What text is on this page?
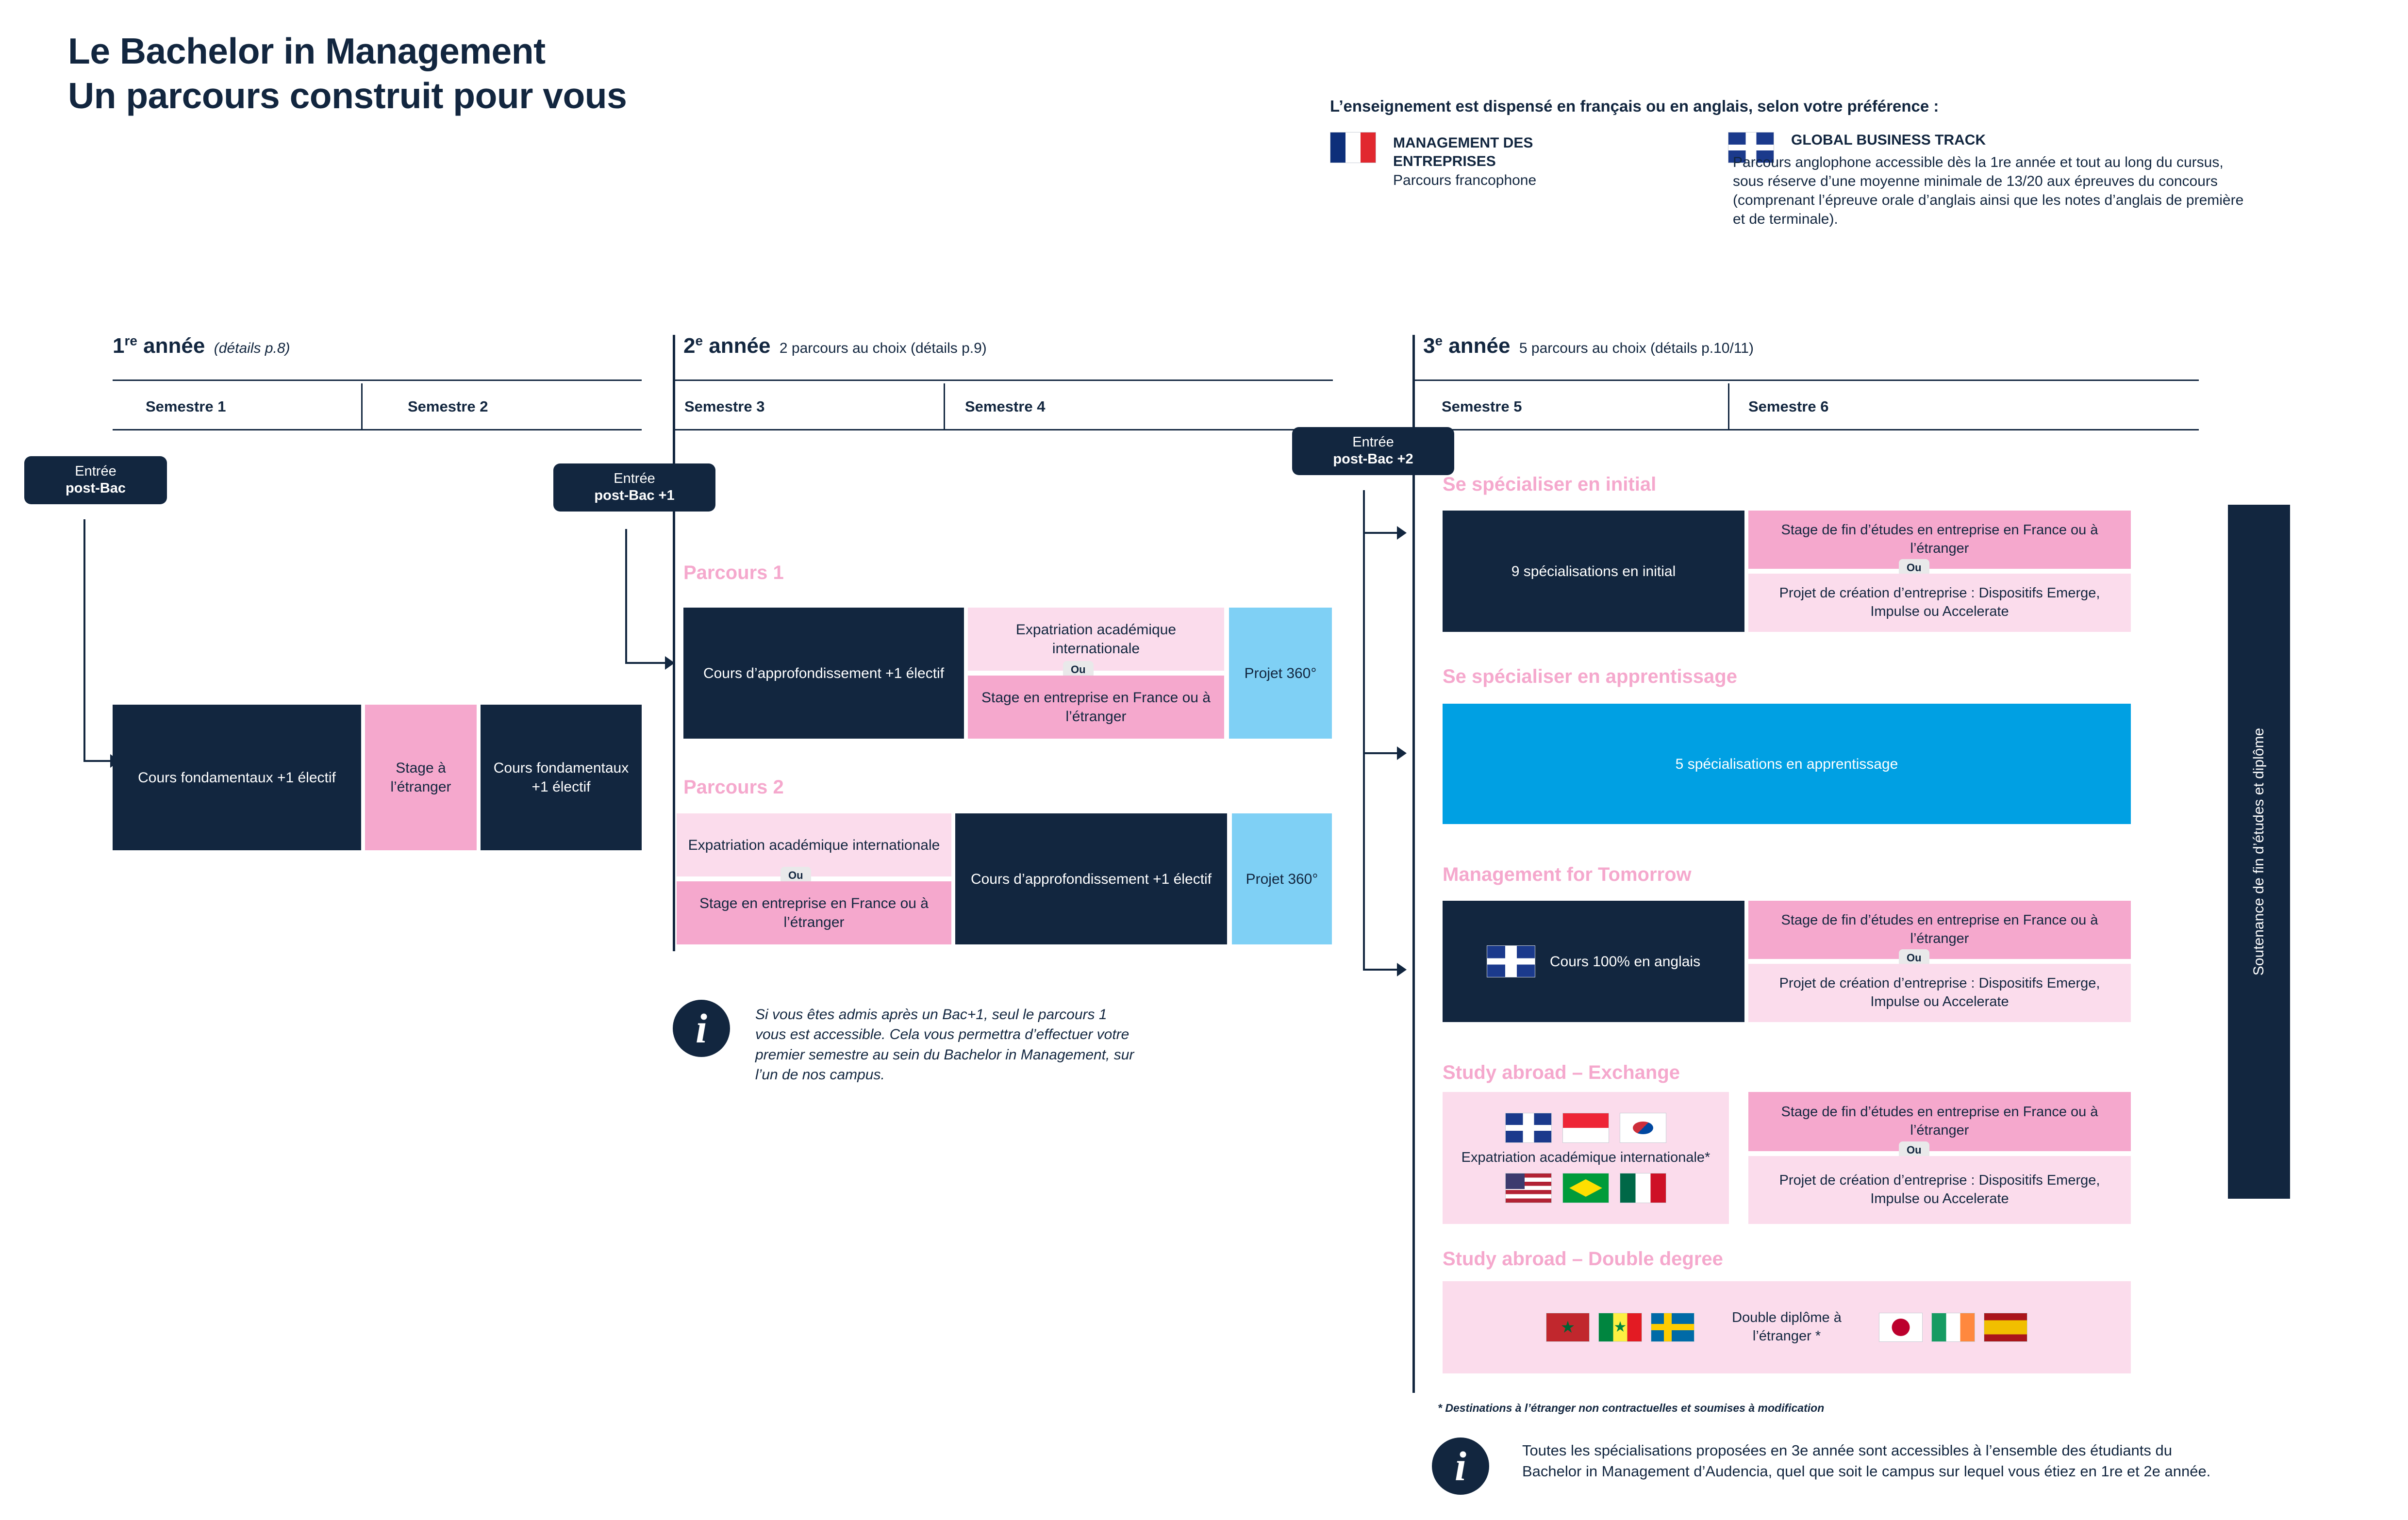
Le Bachelor in Management
Un parcours construit pour vous	L’enseignement est dispensé en français ou en anglais, selon votre préférence :
MANAGEMENT DES ENTREPRISES
Parcours francophone
GLOBAL BUSINESS TRACK
Parcours anglophone accessible dès la 1re année et tout au long du cursus, sous réserve d’une moyenne minimale de 13/20 aux épreuves du concours (comprenant l’épreuve orale d’anglais ainsi que les notes d’anglais de première et de terminale).
1re année (détails p.8)
Semestre 1	Semestre 2
2e année 2 parcours au choix (détails p.9)
Semestre 3	Semestre 4
3e année 5 parcours au choix (détails p.10/11)
Semestre 5	Semestre 6
Entrée
post-Bac
Entrée
post-Bac +1
Entrée
post-Bac +2
Cours fondamentaux +1 électif
Stage à l’étranger
Cours fondamentaux +1 électif
Parcours 1
Cours d’approfondissement +1 électif
Expatriation académique internationale
Ou
Stage en entreprise en France ou à l’étranger
Projet 360°
Parcours 2
Expatriation académique internationale
Ou
Stage en entreprise en France ou à l’étranger
Cours d’approfondissement +1 électif	Projet 360°
i	Si vous êtes admis après un Bac+1, seul le parcours 1 vous est accessible. Cela vous permettra d’effectuer votre premier semestre au sein du Bachelor in Management, sur l’un de nos campus.
Se spécialiser en initial
9 spécialisations en initial
Stage de fin d’études en entreprise en France ou à l’étranger
Ou
Projet de création d’entreprise : Dispositifs Emerge, Impulse ou Accelerate
Se spécialiser en apprentissage
5 spécialisations en apprentissage
Management for Tomorrow
Cours 100% en anglais
Stage de fin d’études en entreprise en France ou à l’étranger
Ou
Projet de création d’entreprise : Dispositifs Emerge, Impulse ou Accelerate
Study abroad – Exchange
Expatriation académique internationale*
Stage de fin d’études en entreprise en France ou à l’étranger
Ou
Projet de création d’entreprise : Dispositifs Emerge, Impulse ou Accelerate
Study abroad – Double degree
★
★
Double diplôme à l’étranger *
* Destinations à l’étranger non contractuelles et soumises à modification
i	Toutes les spécialisations proposées en 3e année sont accessibles à l’ensemble des étudiants du Bachelor in Management d’Audencia, quel que soit le campus sur lequel vous étiez en 1re et 2e année.
Soutenance de fin d’études et diplôme
